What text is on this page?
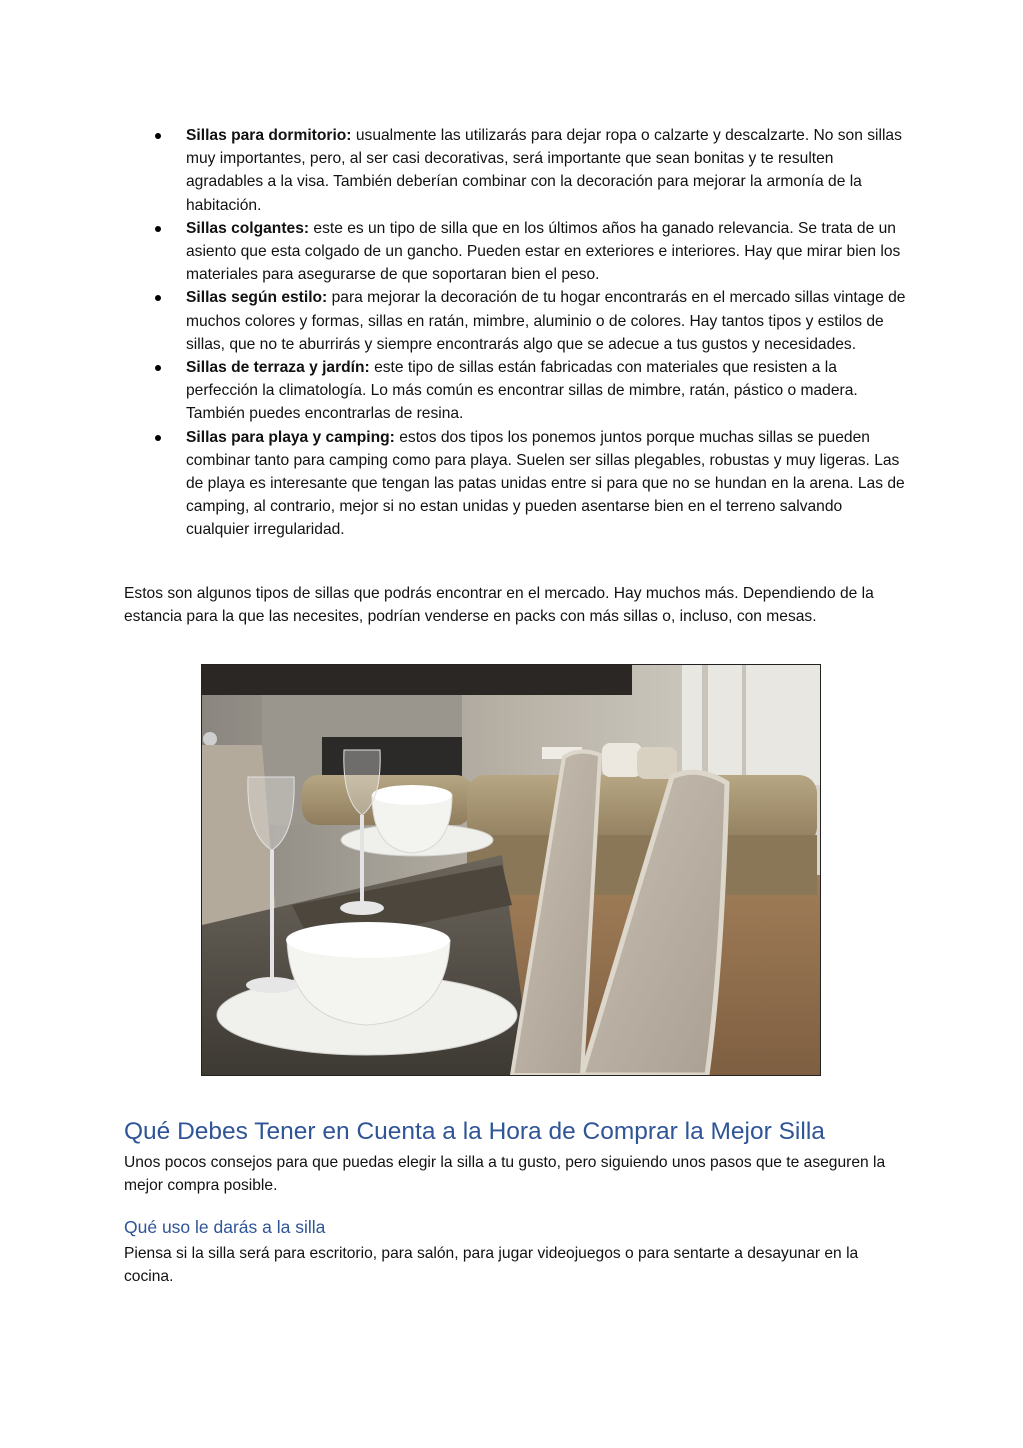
Sillas para dormitorio: usualmente las utilizarás para dejar ropa o calzarte y descalzarte. No son sillas muy importantes, pero, al ser casi decorativas, será importante que sean bonitas y te resulten agradables a la visa. También deberían combinar con la decoración para mejorar la armonía de la habitación.
Sillas colgantes: este es un tipo de silla que en los últimos años ha ganado relevancia. Se trata de un asiento que esta colgado de un gancho. Pueden estar en exteriores e interiores. Hay que mirar bien los materiales para asegurarse de que soportaran bien el peso.
Sillas según estilo: para mejorar la decoración de tu hogar encontrarás en el mercado sillas vintage de muchos colores y formas, sillas en ratán, mimbre, aluminio o de colores. Hay tantos tipos y estilos de sillas, que no te aburrirás y siempre encontrarás algo que se adecue a tus gustos y necesidades.
Sillas de terraza y jardín: este tipo de sillas están fabricadas con materiales que resisten a la perfección la climatología. Lo más común es encontrar sillas de mimbre, ratán, pástico o madera. También puedes encontrarlas de resina.
Sillas para playa y camping: estos dos tipos los ponemos juntos porque muchas sillas se pueden combinar tanto para camping como para playa. Suelen ser sillas plegables, robustas y muy ligeras. Las de playa es interesante que tengan las patas unidas entre si para que no se hundan en la arena. Las de camping, al contrario, mejor si no estan unidas y pueden asentarse bien en el terreno salvando cualquier irregularidad.

Estos son algunos tipos de sillas que podrás encontrar en el mercado. Hay muchos más. Dependiendo de la estancia para la que las necesites, podrían venderse en packs con más sillas o, incluso, con mesas.

Qué Debes Tener en Cuenta a la Hora de Comprar la Mejor Silla

Unos pocos consejos para que puedas elegir la silla a tu gusto, pero siguiendo unos pasos que te aseguren la mejor compra posible.

Qué uso le darás a la silla

Piensa si la silla será para escritorio, para salón, para jugar videojuegos o para sentarte a desayunar en la cocina.
